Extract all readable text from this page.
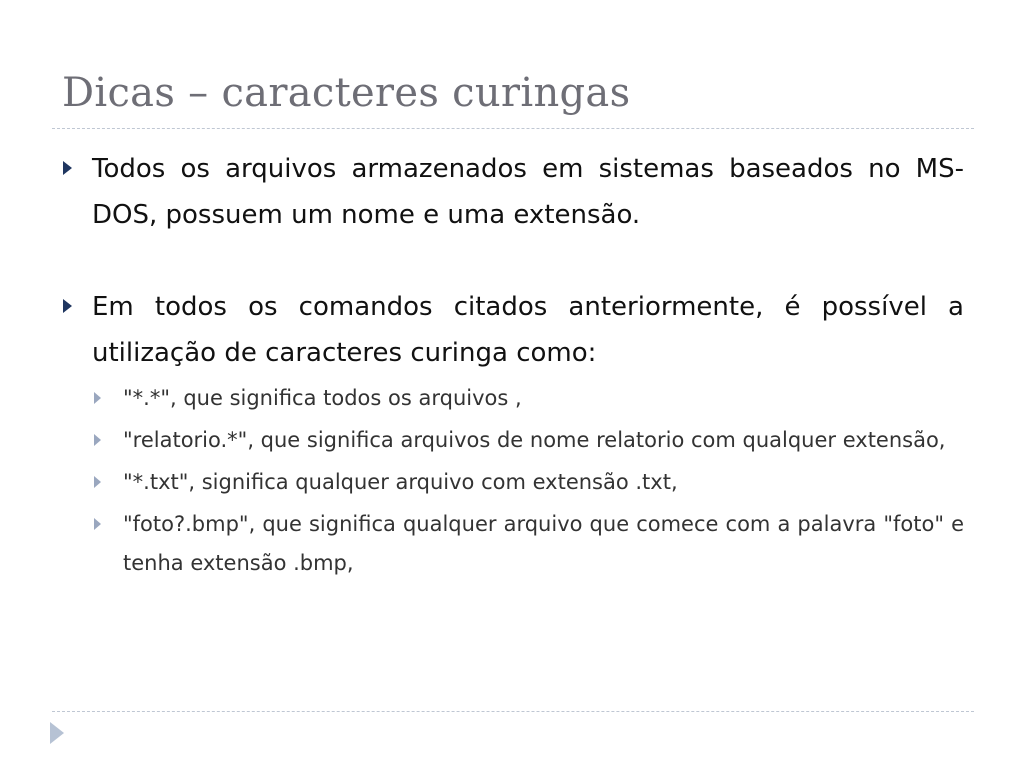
Dicas – caracteres curingas
Todos os arquivos armazenados em sistemas baseados no MS-DOS, possuem um nome e uma extensão.
Em todos os comandos citados anteriormente, é possível a utilização de caracteres curinga como:
"*.*", que significa todos os arquivos ,
"relatorio.*", que significa arquivos de nome relatorio com qualquer extensão,
"*.txt", significa qualquer arquivo com extensão .txt,
"foto?.bmp", que significa qualquer arquivo que comece com a palavra "foto" e tenha extensão .bmp,
